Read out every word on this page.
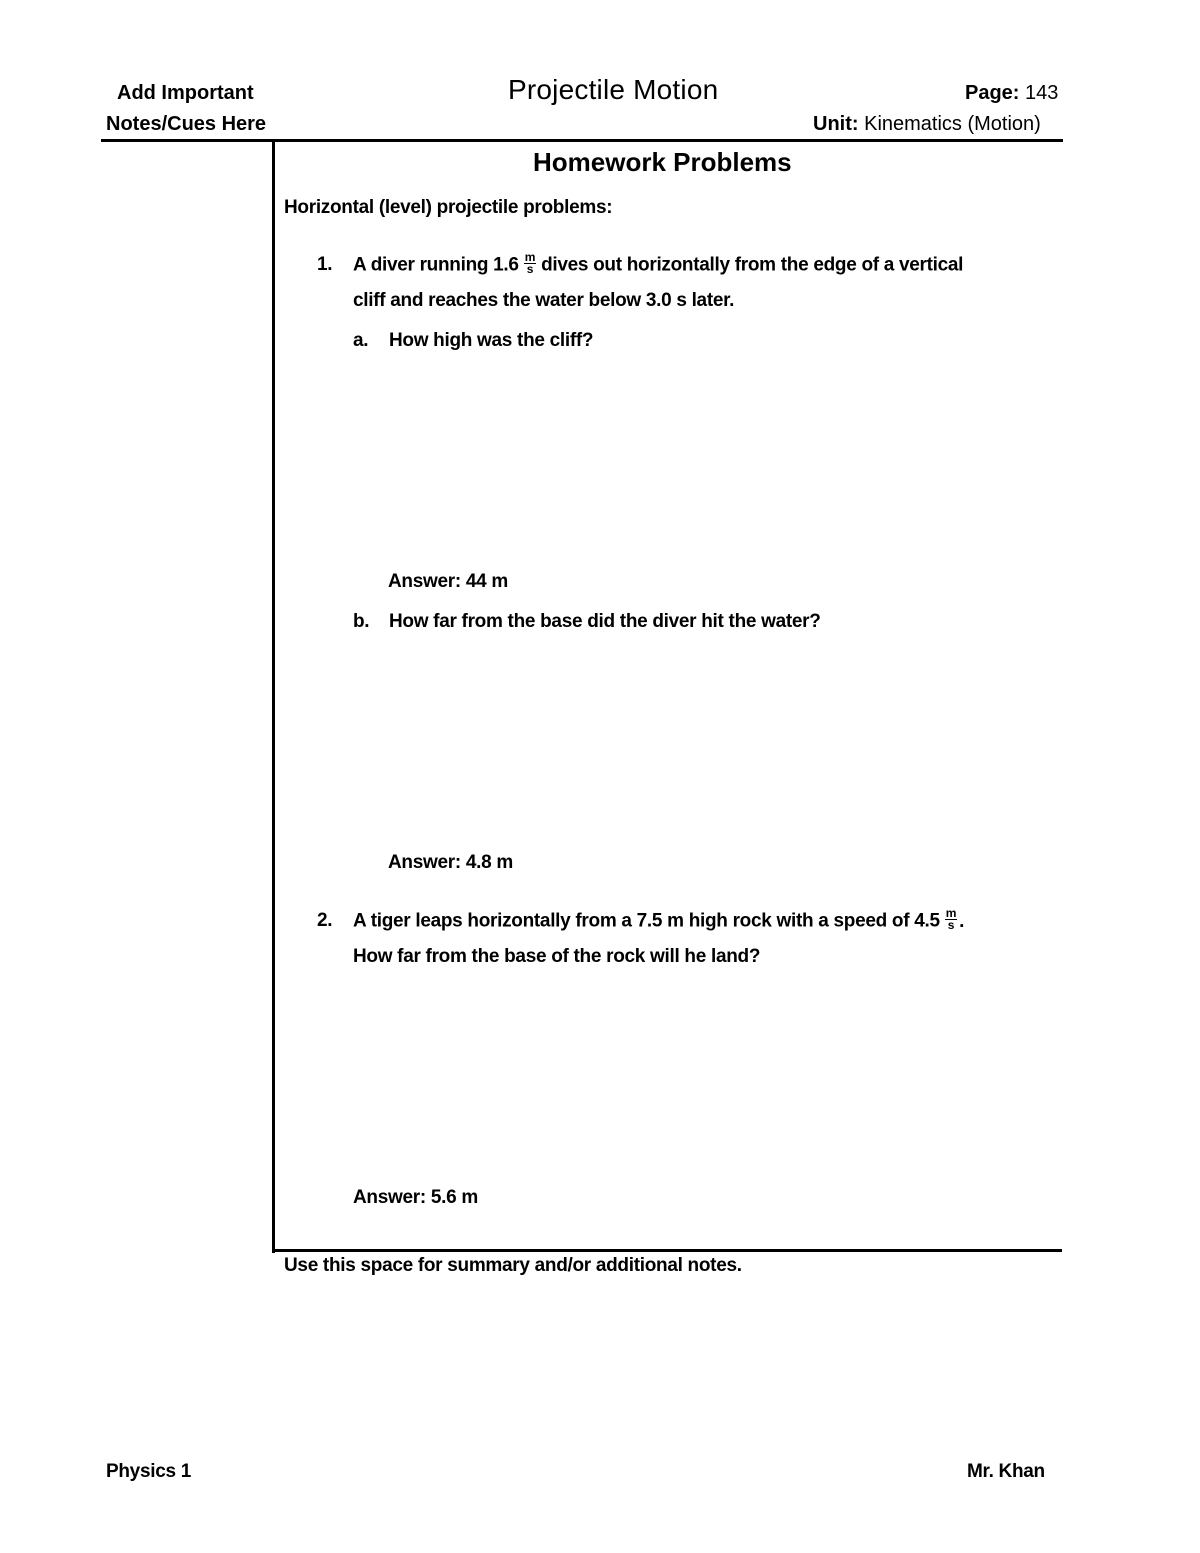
Add Important
Notes/Cues Here
Projectile Motion	Page: 143
Unit: Kinematics (Motion)
Homework Problems
Horizontal (level) projectile problems:
1. A diver running $1.6 \frac{m}{s}$ dives out horizontally from the edge of a vertical
cliff and reaches the water below 3.0 s later.
a. How high was the cliff?
Answer: 44 m
b. How far from the base did the diver hit the water?
Answer: 4.8 m
2. A tiger leaps horizontally from a 7.5 m high rock with a speed of $4.5 \frac{m}{s}$ .
How far from the base of the rock will he land?
Answer: 5.6 m
Use this space for summary and/or additional notes.
Physics 1	Mr. Khan
